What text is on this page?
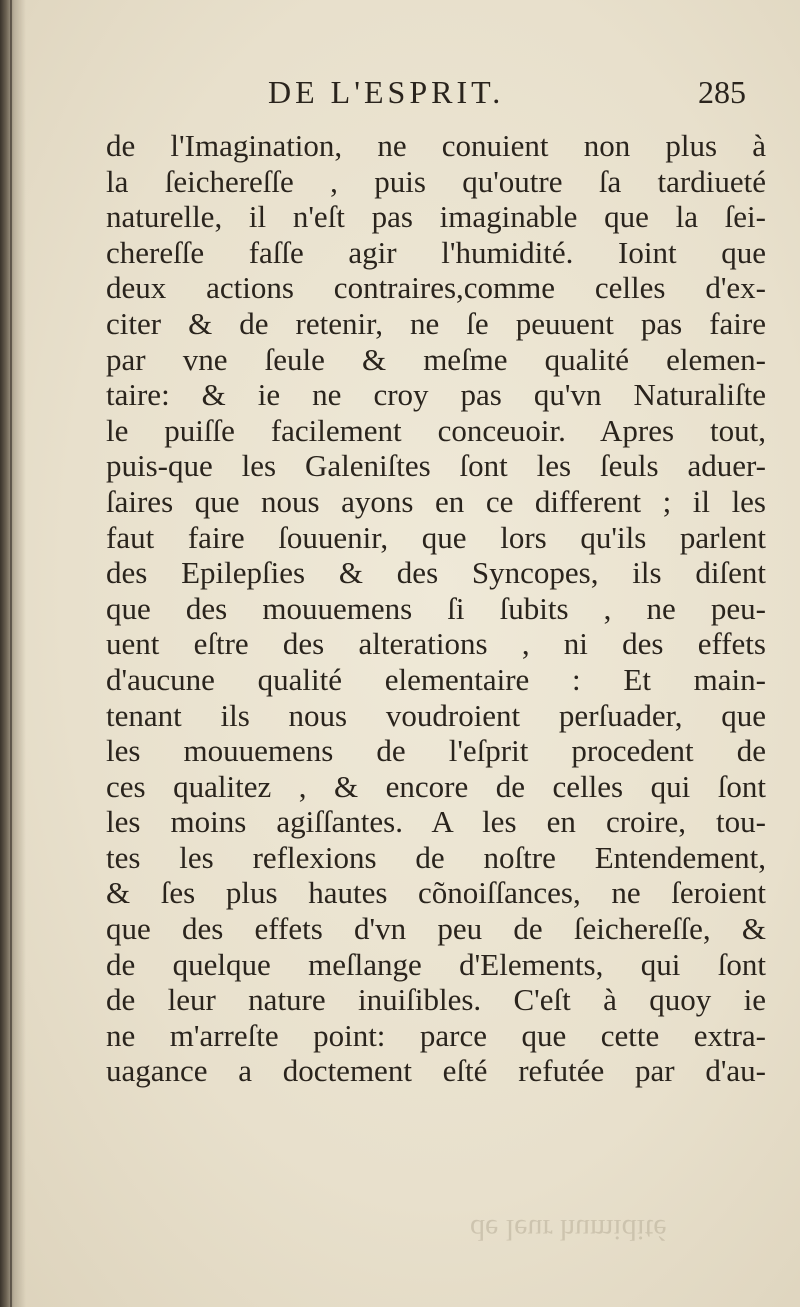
DE L'ESPRIT.	285
de l'Imagination, ne conuient non plus à
la ſeichereſſe , puis qu'outre ſa tardiueté
naturelle, il n'eſt pas imaginable que la ſei-
chereſſe faſſe agir l'humidité. Ioint que
deux actions contraires,comme celles d'ex-
citer & de retenir, ne ſe peuuent pas faire
par vne ſeule & meſme qualité elemen-
taire: & ie ne croy pas qu'vn Naturaliſte
le puiſſe facilement conceuoir. Apres tout,
puis-que les Galeniſtes ſont les ſeuls aduer-
ſaires que nous ayons en ce different ; il les
faut faire ſouuenir, que lors qu'ils parlent
des Epilepſies & des Syncopes, ils diſent
que des mouuemens ſi ſubits , ne peu-
uent eſtre des alterations , ni des effets
d'aucune qualité elementaire : Et main-
tenant ils nous voudroient perſuader, que
les mouuemens de l'eſprit procedent de
ces qualitez , & encore de celles qui ſont
les moins agiſſantes. A les en croire, tou-
tes les reflexions de noſtre Entendement,
& ſes plus hautes cõnoiſſances, ne ſeroient
que des effets d'vn peu de ſeichereſſe, &
de quelque meſlange d'Elements, qui ſont
de leur nature inuiſibles. C'eſt à quoy ie
ne m'arreſte point: parce que cette extra-
uagance a doctement eſté refutée par d'au-
de leur humidité
